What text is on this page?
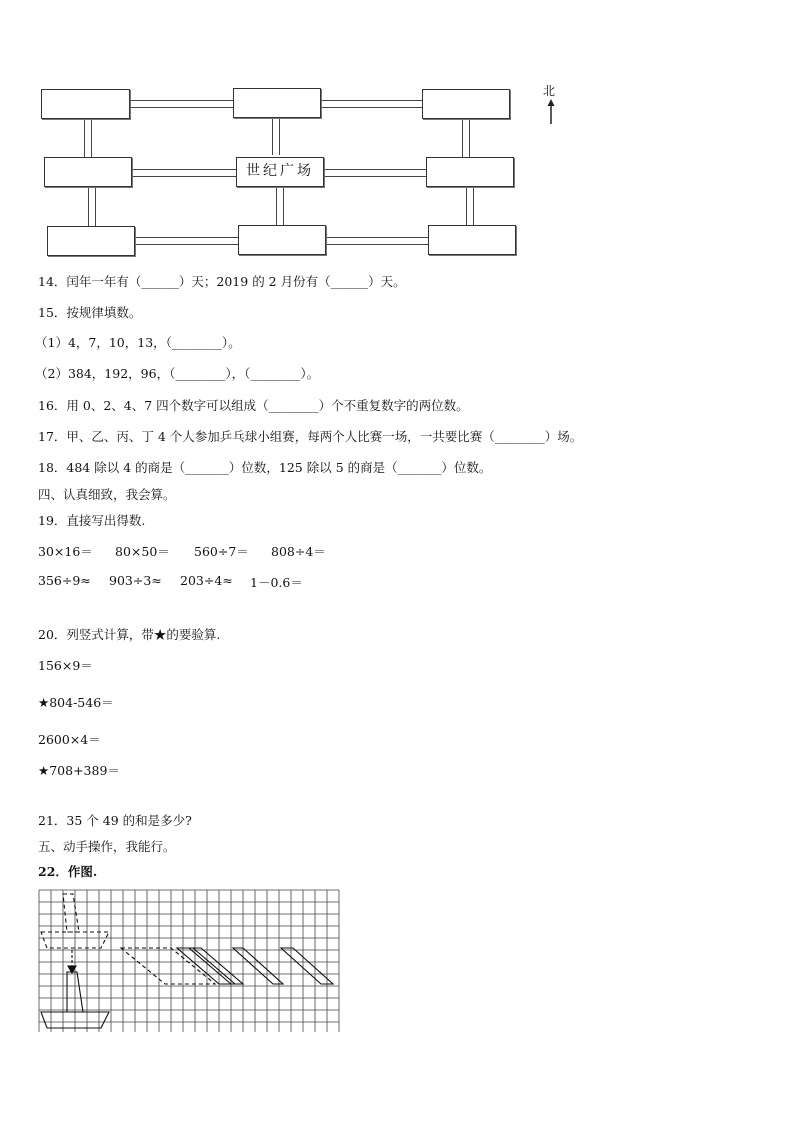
世纪广场
北
14．闰年一年有（______）天；2019 的 2 月份有（______）天。
15．按规律填数。
（1）4，7，10，13，（________）。
（2）384，192，96，（________），（________）。
16．用 0、2、4、7 四个数字可以组成（________）个不重复数字的两位数。
17．甲、乙、丙、丁 4 个人参加乒乓球小组赛，每两个人比赛一场，一共要比赛（________）场。
18．484 除以 4 的商是（_______）位数，125 除以 5 的商是（_______）位数。
四、认真细致，我会算。
19．直接写出得数.
30×16＝ 80×50＝ 560÷7＝ 808÷4＝
356÷9≈ 903÷3≈ 203÷4≈ 1－0.6＝
20．列竖式计算，带★的要验算.
156×9＝
★804-546＝
2600×4＝
★708+389＝
21．35 个 49 的和是多少?
五、动手操作，我能行。
22．作图.
